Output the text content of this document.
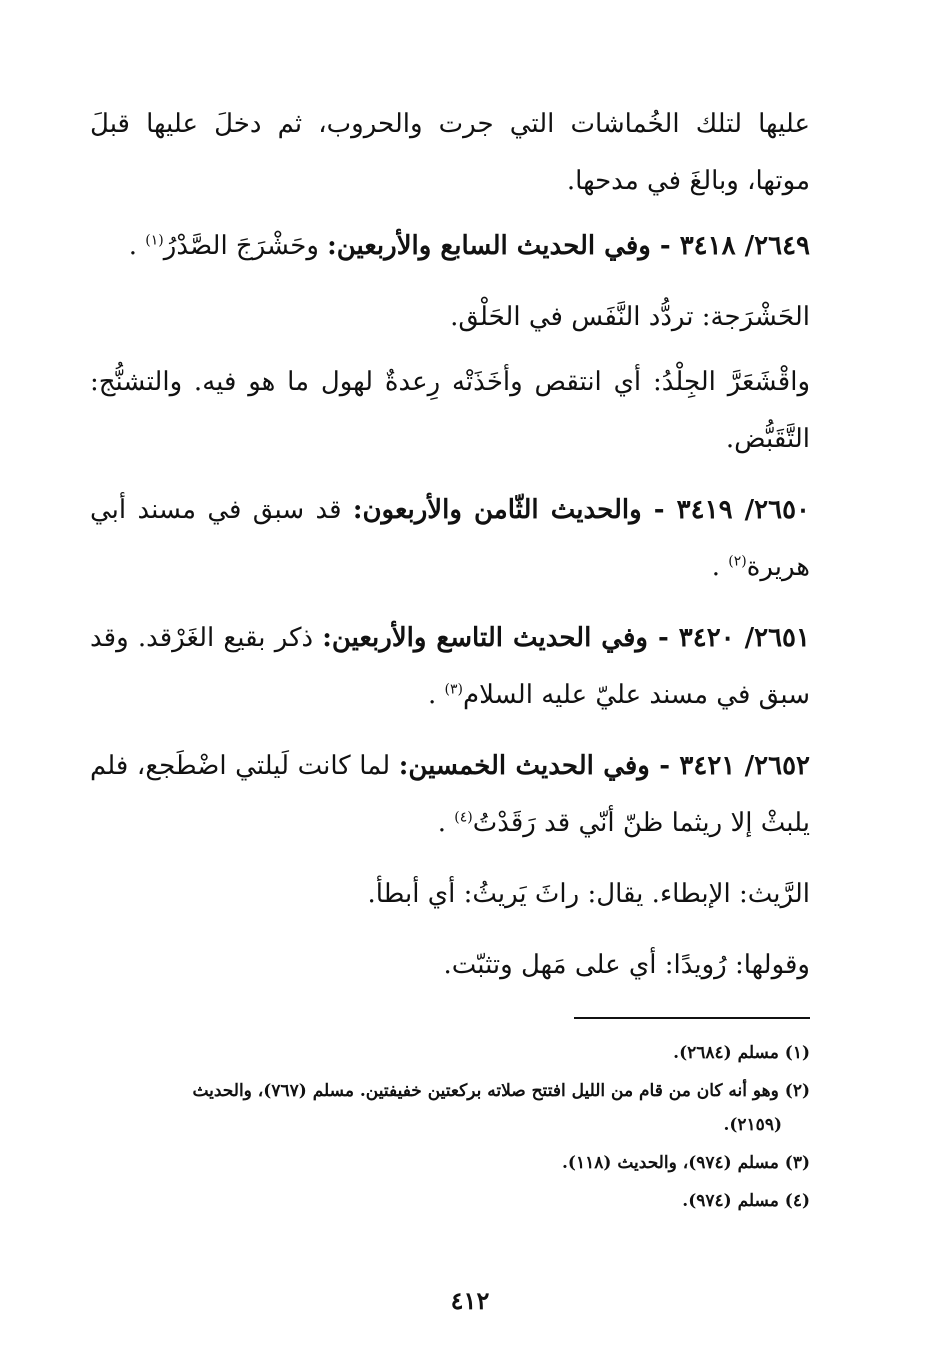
عليها لتلك الخُماشات التي جرت والحروب، ثم دخلَ عليها قبلَ موتها، وبالغَ في مدحها.

٢٦٤٩/ ٣٤١٨ - وفي الحديث السابع والأربعين: وحَشْرَجَ الصَّدْرُ$^{(١)}$ .

الحَشْرَجة: تردُّد النَّفَس في الحَلْق.

واقْشَعَرَّ الجِلْدُ: أي انتقص وأخَذَتْه رِعدةٌ لهول ما هو فيه. والتشنُّج: التَّقَبُّض.

٢٦٥٠/ ٣٤١٩ - والحديث الثّامن والأربعون: قد سبق في مسند أبي هريرة$^{(٢)}$ .

٢٦٥١/ ٣٤٢٠ - وفي الحديث التاسع والأربعين: ذكر بقيع الغَرْقد. وقد سبق في مسند عليّ عليه السلام$^{(٣)}$ .

٢٦٥٢/ ٣٤٢١ - وفي الحديث الخمسين: لما كانت لَيلتي اضْطَجع، فلم يلبثْ إلا ريثما ظنّ أنّي قد رَقَدْتُ$^{(٤)}$ .

الرَّيث: الإبطاء. يقال: راثَ يَريثُ: أي أبطأ.

وقولها: رُويدًا: أي على مَهل وتثبّت.

(١) مسلم (٢٦٨٤).

(٢) وهو أنه كان من قام من الليل افتتح صلاته بركعتين خفيفتين. مسلم (٧٦٧)، والحديث
(٢١٥٩).

(٣) مسلم (٩٧٤)، والحديث (١١٨).

(٤) مسلم (٩٧٤).

٤١٢
